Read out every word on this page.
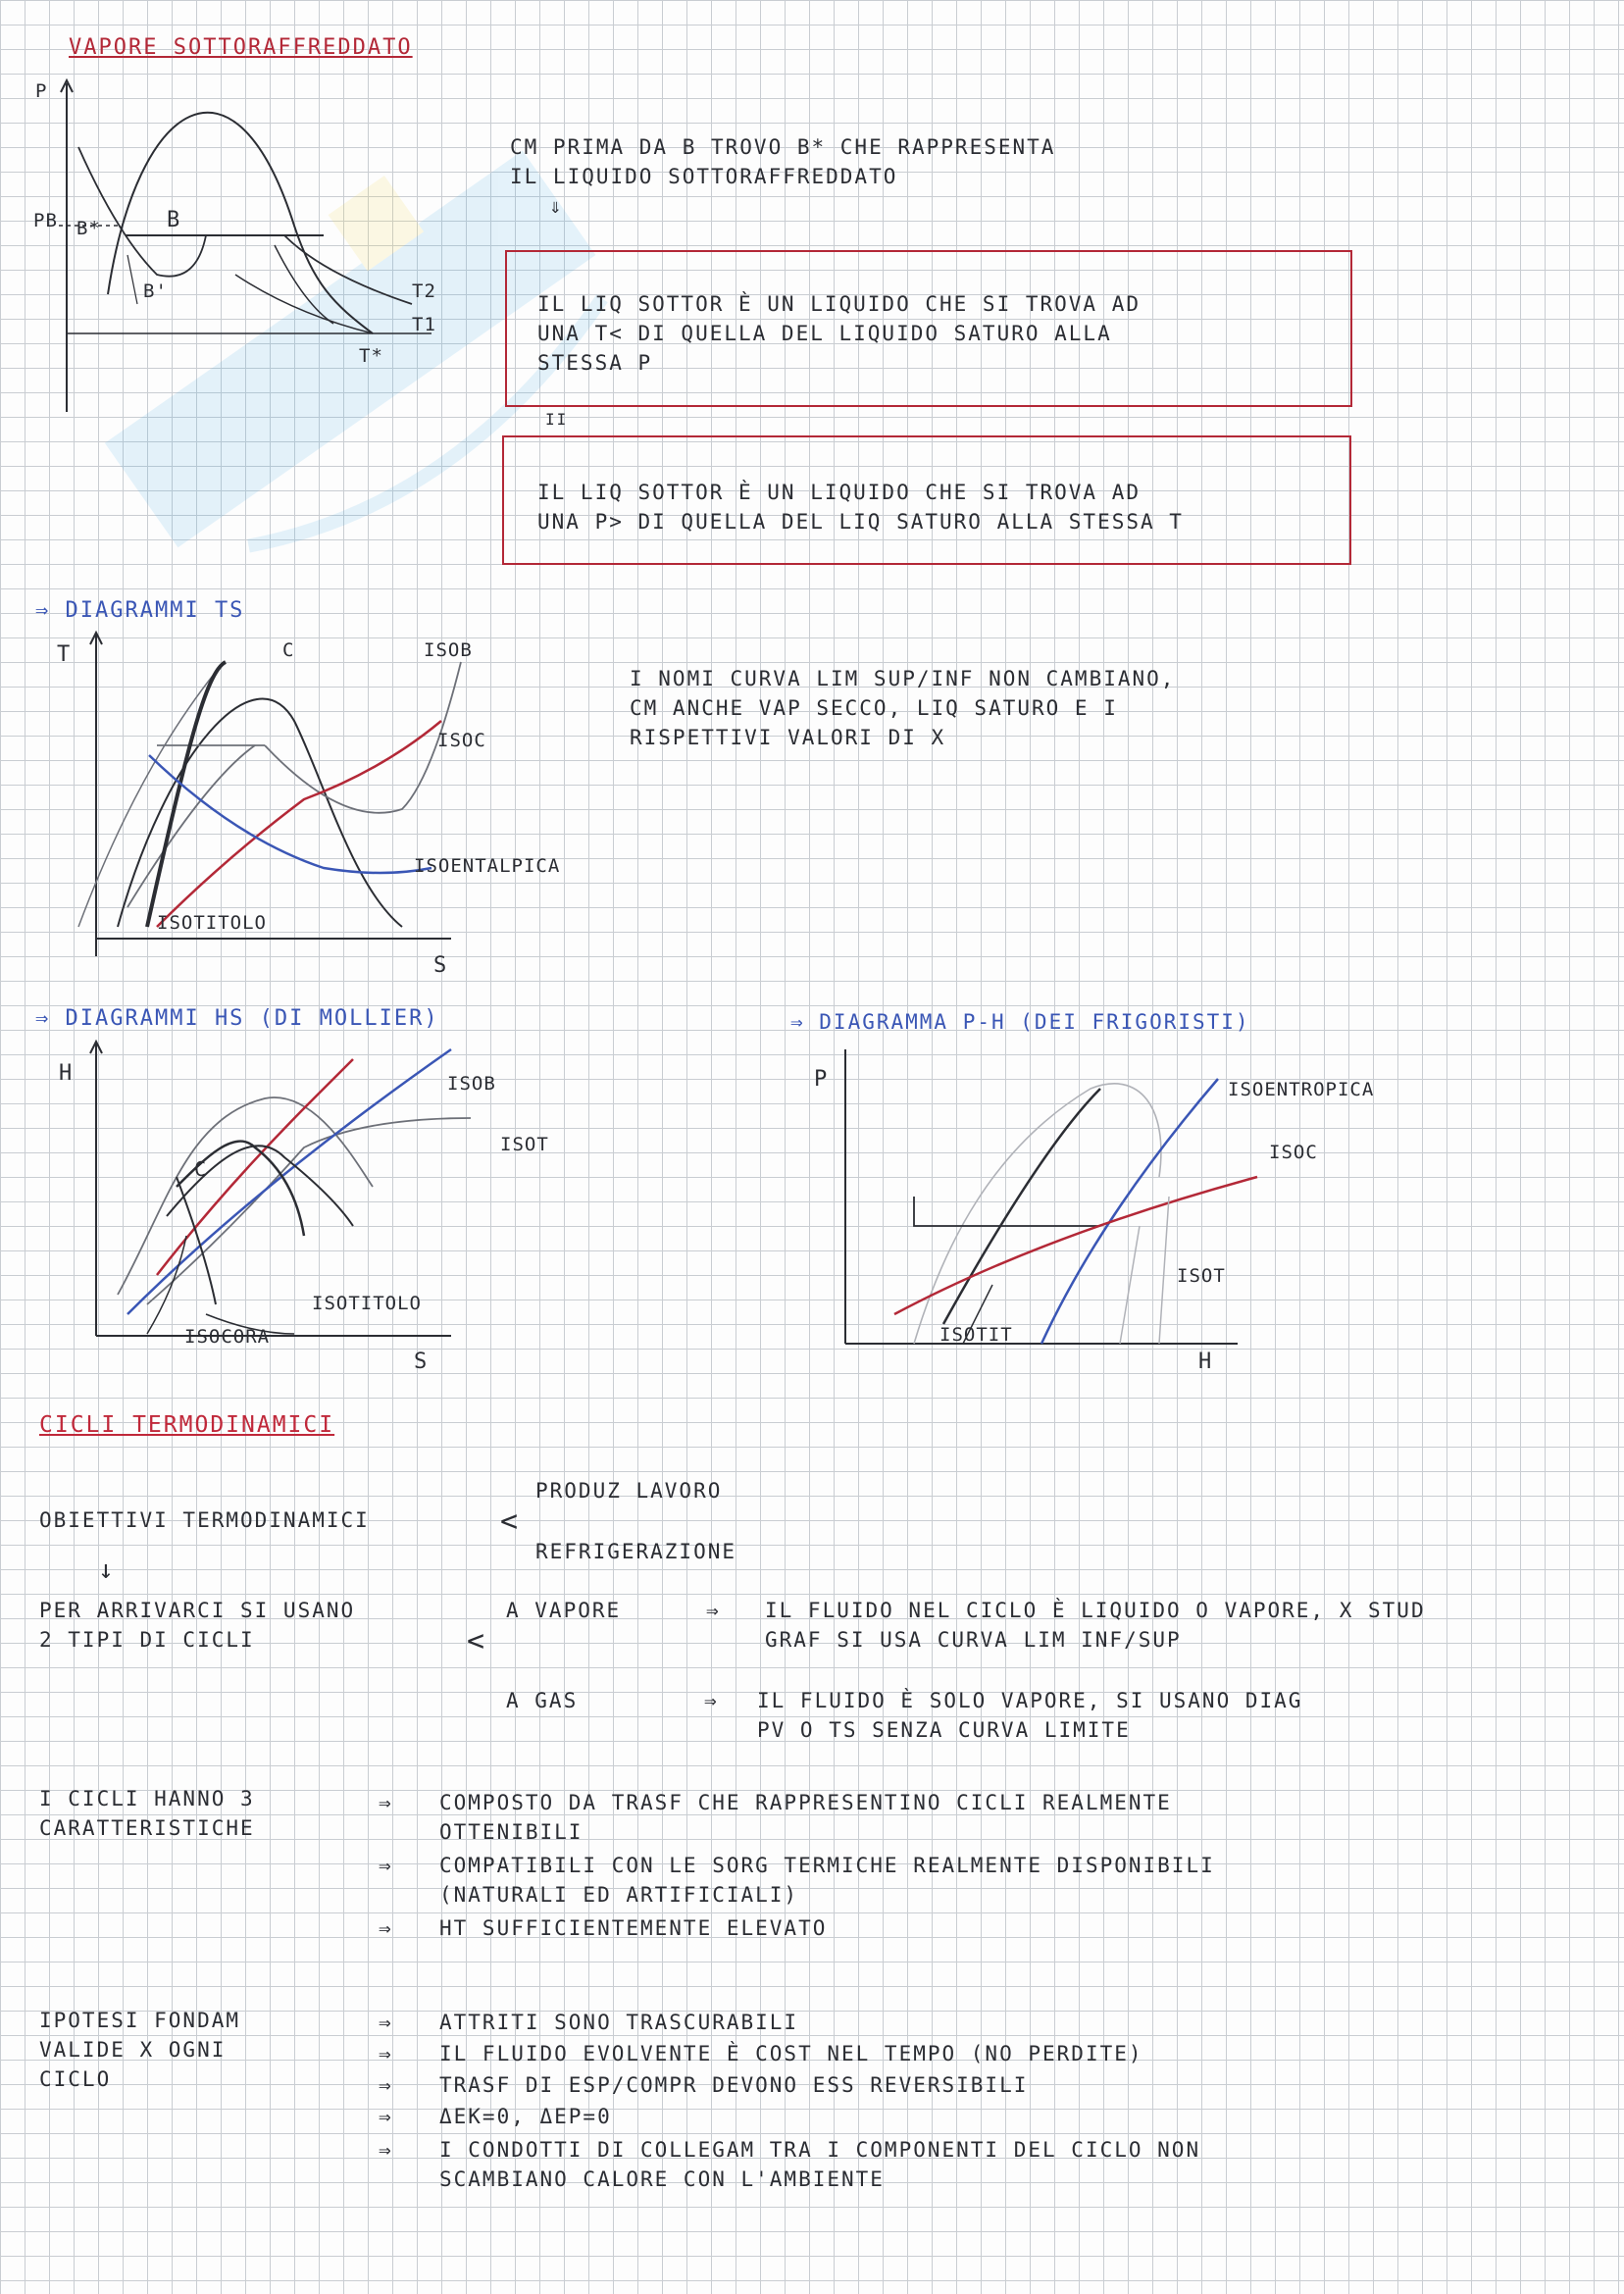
VAPORE SOTTORAFFREDDATO
P
PB B*	B
B'	T2
T1
T*
CM PRIMA DA B TROVO B* CHE RAPPRESENTA
IL LIQUIDO SOTTORAFFREDDATO
⇓
IL LIQ SOTTOR È UN LIQUIDO CHE SI TROVA AD
UNA T< DI QUELLA DEL LIQUIDO SATURO ALLA
STESSA P
II
IL LIQ SOTTOR È UN LIQUIDO CHE SI TROVA AD
UNA P> DI QUELLA DEL LIQ SATURO ALLA STESSA T
⇒ DIAGRAMMI TS
T
S
C	ISOB
ISOC
ISOENTALPICA
ISOTITOLO
I NOMI CURVA LIM SUP/INF NON CAMBIANO,
CM ANCHE VAP SECCO, LIQ SATURO E I
RISPETTIVI VALORI DI X
⇒ DIAGRAMMI HS (DI MOLLIER)	⇒ DIAGRAMMA P-H (DEI FRIGORISTI)
H
S
C
ISOB
ISOT
ISOCORA
ISOTITOLO
P
H
ISOENTROPICA
ISOC
ISOT
ISOTIT
CICLI TERMODINAMICI
OBIETTIVI TERMODINAMICI	<
PRODUZ LAVORO
REFRIGERAZIONE
↓
PER ARRIVARCI SI USANO
2 TIPI DI CICLI	<
A VAPORE	⇒ IL FLUIDO NEL CICLO È LIQUIDO O VAPORE, X STUD
GRAF SI USA CURVA LIM INF/SUP
A GAS	⇒ IL FLUIDO È SOLO VAPORE, SI USANO DIAG
PV O TS SENZA CURVA LIMITE
I CICLI HANNO 3
CARATTERISTICHE
⇒ COMPOSTO DA TRASF CHE RAPPRESENTINO CICLI REALMENTE
OTTENIBILI
⇒ COMPATIBILI CON LE SORG TERMICHE REALMENTE DISPONIBILI
(NATURALI ED ARTIFICIALI)
⇒ ΗT SUFFICIENTEMENTE ELEVATO
IPOTESI FONDAM
VALIDE X OGNI
CICLO
⇒ ATTRITI SONO TRASCURABILI
⇒ IL FLUIDO EVOLVENTE È COST NEL TEMPO (NO PERDITE)
⇒ TRASF DI ESP/COMPR DEVONO ESS REVERSIBILI
⇒ ΔEK=0, ΔEP=0
⇒ I CONDOTTI DI COLLEGAM TRA I COMPONENTI DEL CICLO NON
SCAMBIANO CALORE CON L'AMBIENTE
